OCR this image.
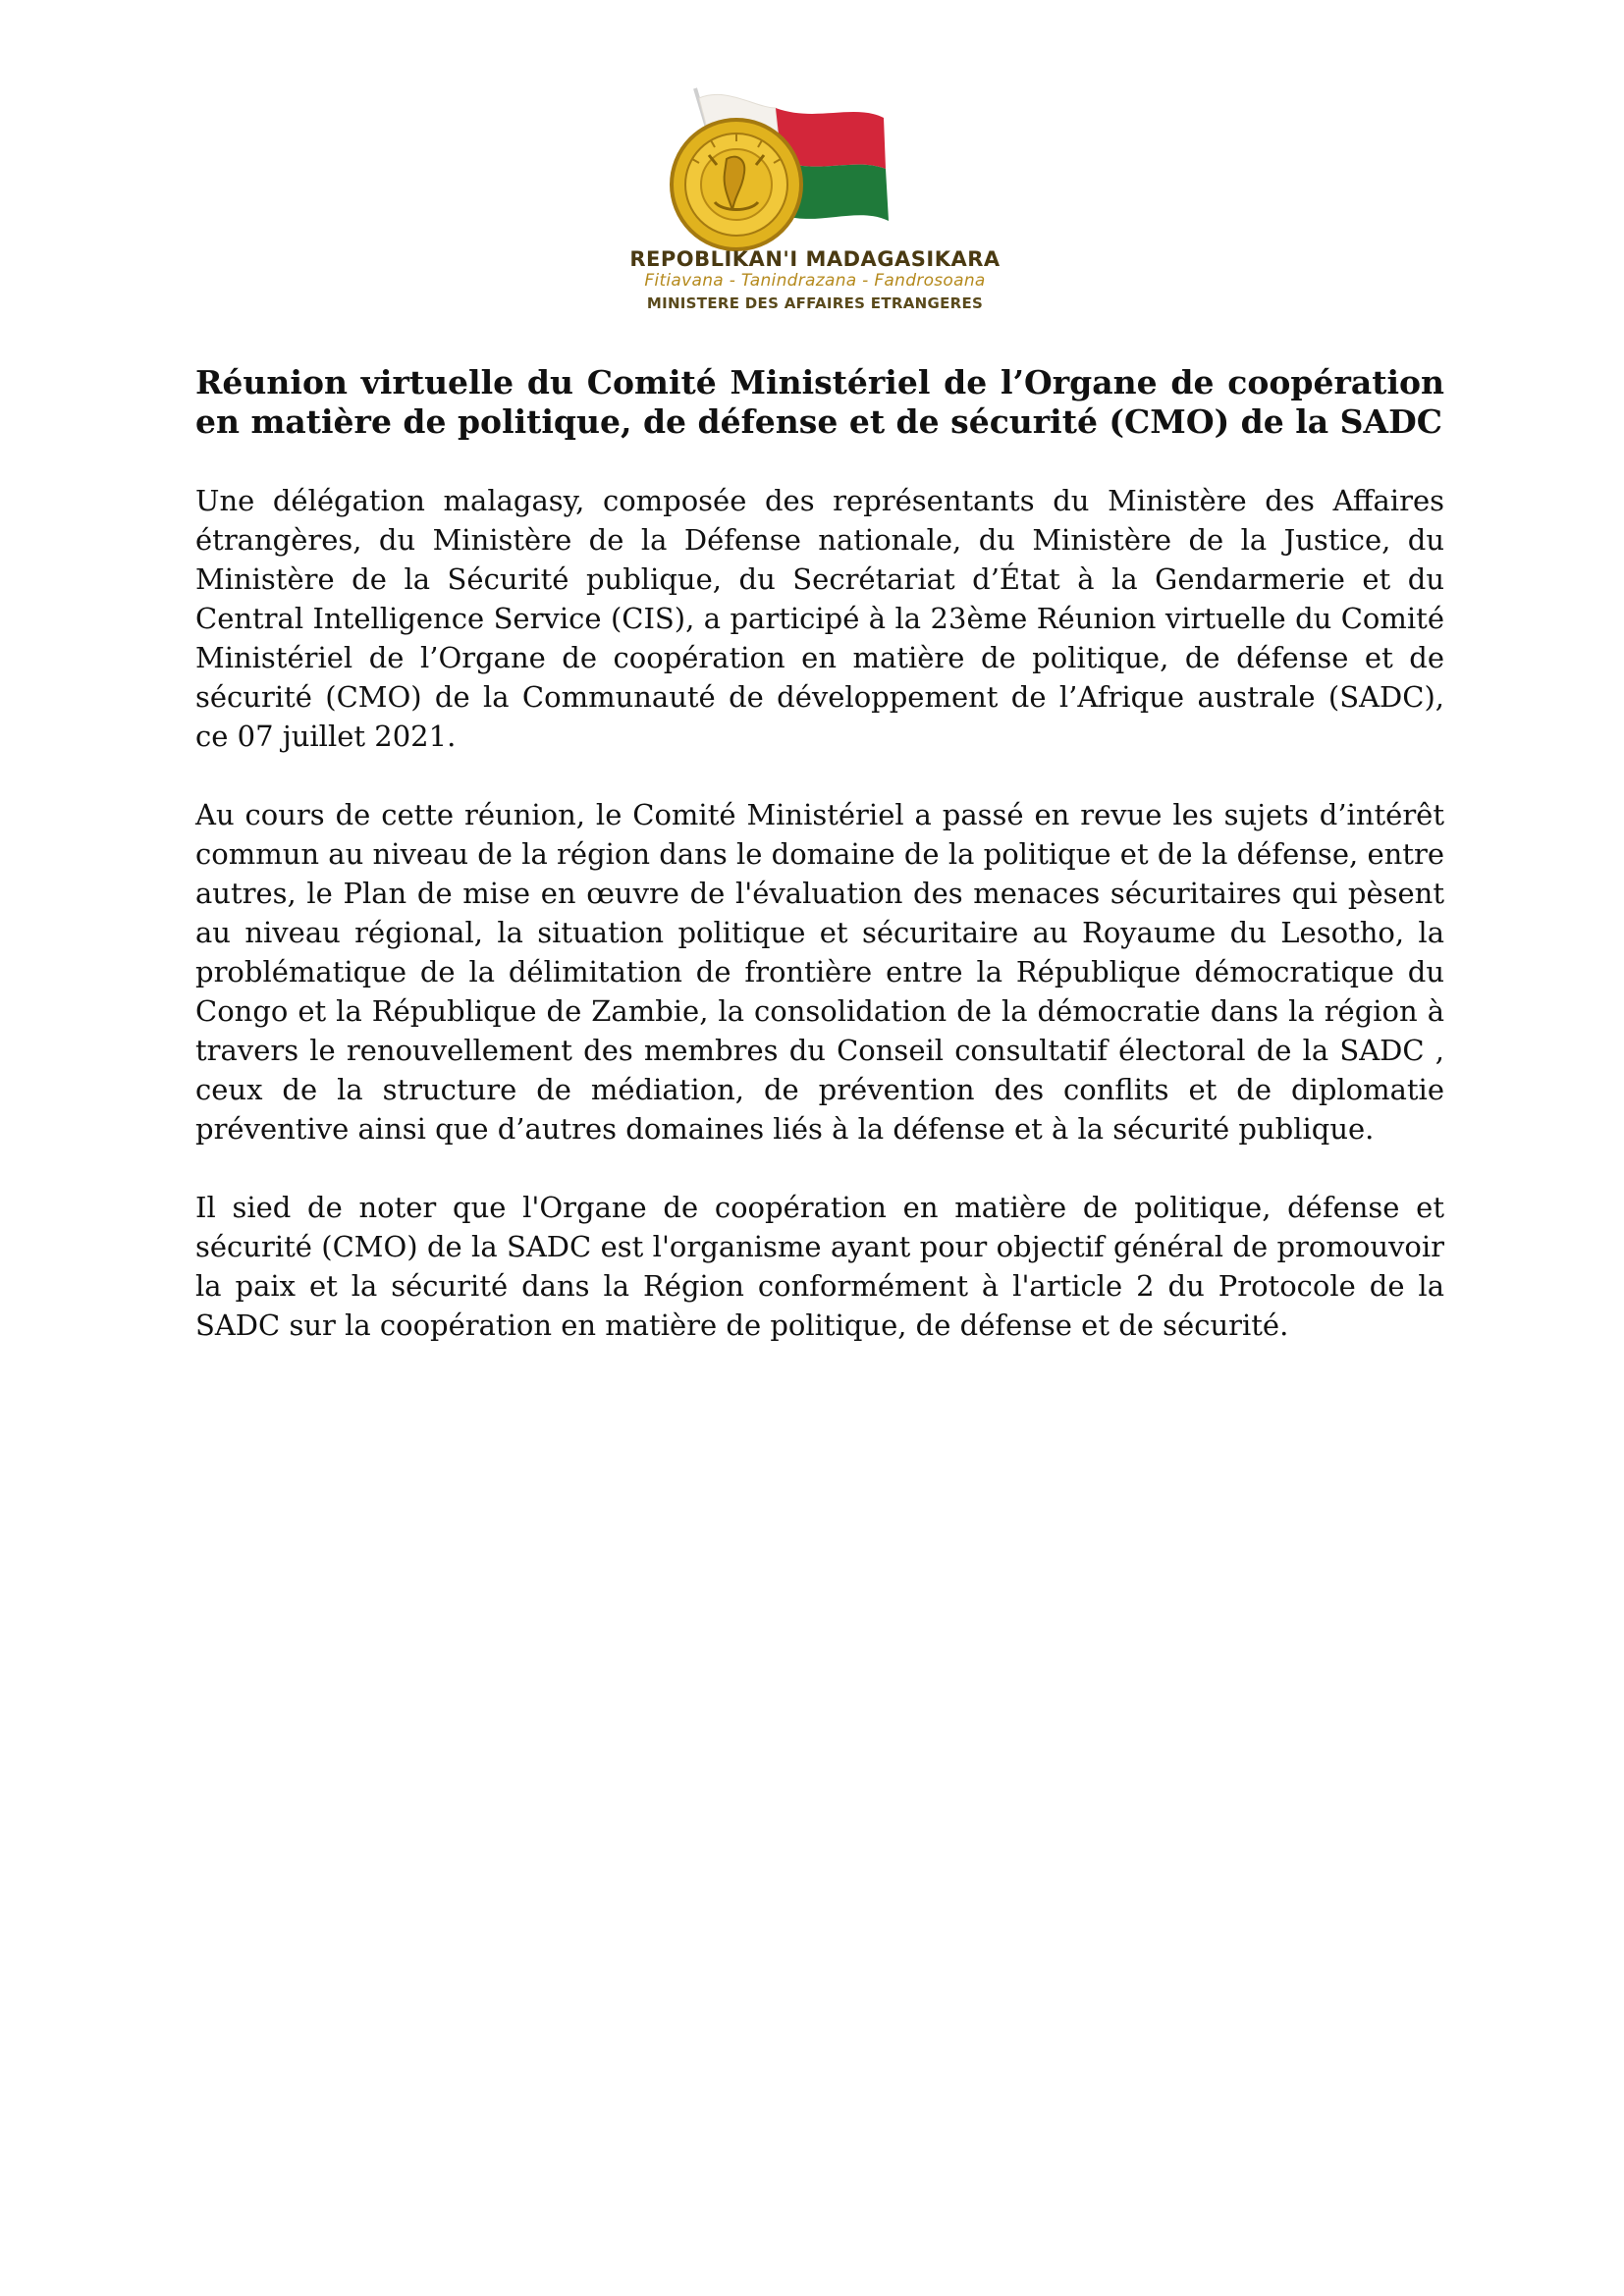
REPOBLIKAN'I MADAGASIKARA
Fitiavana - Tanindrazana - Fandrosoana
MINISTERE DES AFFAIRES ETRANGERES
Réunion virtuelle du Comité Ministériel de l’Organe de coopération en matière de politique, de défense et de sécurité (CMO) de la SADC

Une délégation malagasy, composée des représentants du Ministère des Affaires étrangères, du Ministère de la Défense nationale, du Ministère de la Justice, du Ministère de la Sécurité publique, du Secrétariat d’État à la Gendarmerie et du Central Intelligence Service (CIS), a participé à la 23ème Réunion virtuelle du Comité Ministériel de l’Organe de coopération en matière de politique, de défense et de sécurité (CMO) de la Communauté de développement de l’Afrique australe (SADC), ce 07 juillet 2021.

Au cours de cette réunion, le Comité Ministériel a passé en revue les sujets d’intérêt commun au niveau de la région dans le domaine de la politique et de la défense, entre autres, le Plan de mise en œuvre de l'évaluation des menaces sécuritaires qui pèsent au niveau régional, la situation politique et sécuritaire au Royaume du Lesotho, la problématique de la délimitation de frontière entre la République démocratique du Congo et la République de Zambie, la consolidation de la démocratie dans la région à travers le renouvellement des membres du Conseil consultatif électoral de la SADC , ceux de la structure de médiation, de prévention des conflits et de diplomatie préventive ainsi que d’autres domaines liés à la défense et à la sécurité publique.

Il sied de noter que l'Organe de coopération en matière de politique, défense et sécurité (CMO) de la SADC est l'organisme ayant pour objectif général de promouvoir la paix et la sécurité dans la Région conformément à l'article 2 du Protocole de la SADC sur la coopération en matière de politique, de défense et de sécurité.
